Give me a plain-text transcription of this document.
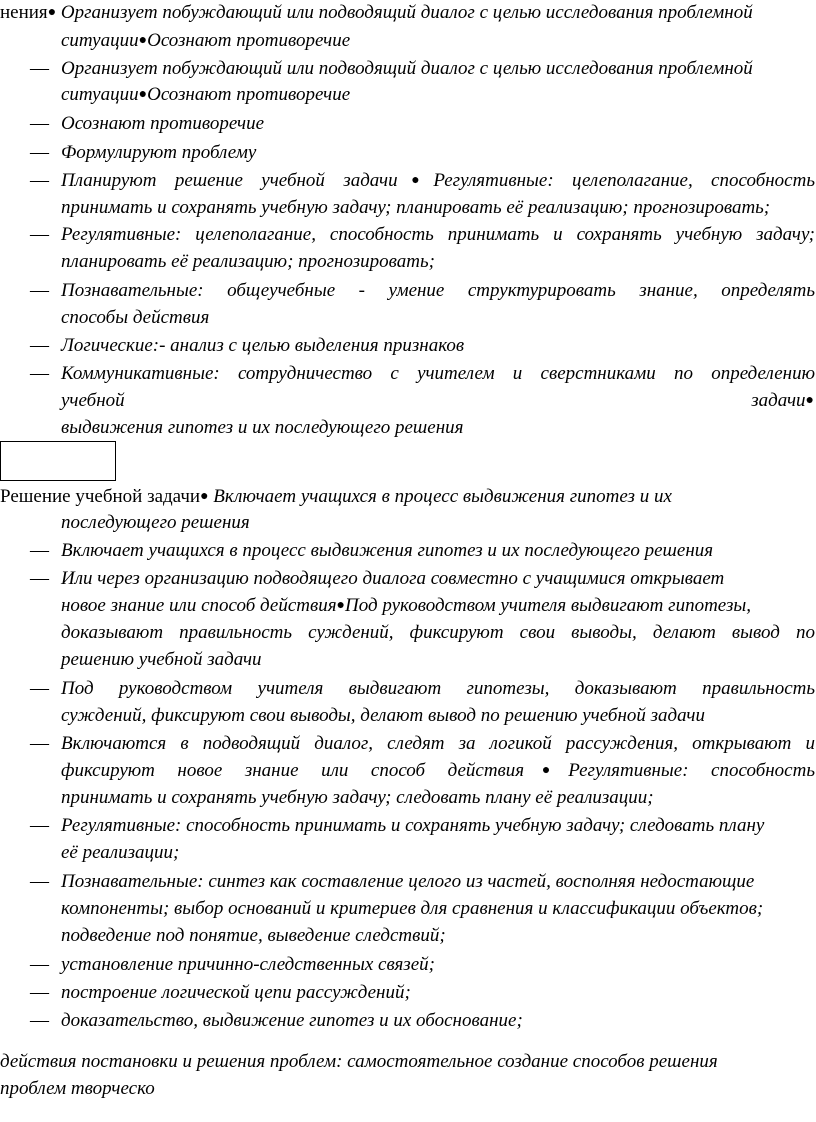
нения● Организует побуждающий или подводящий диалог с целью исследования проблемной
ситуации●Осознают противоречие
— Организует побуждающий или подводящий диалог с целью исследования проблемной
ситуации●Осознают противоречие
— Осознают противоречие
— Формулируют проблему
— Планируют решение учебной задачи●Регулятивные: целеполагание, способность
принимать и сохранять учебную задачу; планировать её реализацию; прогнозировать;
— Регулятивные: целеполагание, способность принимать и сохранять учебную задачу;
планировать её реализацию; прогнозировать;
— Познавательные: общеучебные - умение структурировать знание, определять
способы действия
— Логические:- анализ с целью выделения признаков
— Коммуникативные: сотрудничество с учителем и сверстниками по определению
учебной	задачи●
выдвижения гипотез и их последующего решения
Решение учебной задачи● Включает учащихся в процесс выдвижения гипотез и их
последующего решения
— Включает учащихся в процесс выдвижения гипотез и их последующего решения
— Или через организацию подводящего диалога совместно с учащимися открывает
новое знание или способ действия●Под руководством учителя выдвигают гипотезы,
доказывают правильность суждений, фиксируют свои выводы, делают вывод по
решению учебной задачи
— Под руководством учителя выдвигают гипотезы, доказывают правильность
суждений, фиксируют свои выводы, делают вывод по решению учебной задачи
— Включаются в подводящий диалог, следят за логикой рассуждения, открывают и
фиксируют новое знание или способ действия●Регулятивные: способность
принимать и сохранять учебную задачу; следовать плану её реализации;
— Регулятивные: способность принимать и сохранять учебную задачу; следовать плану
её реализации;
— Познавательные: синтез как составление целого из частей, восполняя недостающие
компоненты; выбор оснований и критериев для сравнения и классификации объектов;
подведение под понятие, выведение следствий;
— установление причинно-следственных связей;
— построение логической цепи рассуждений;
— доказательство, выдвижение гипотез и их обоснование;
действия постановки и решения проблем: самостоятельное создание способов решения
проблем творческо
